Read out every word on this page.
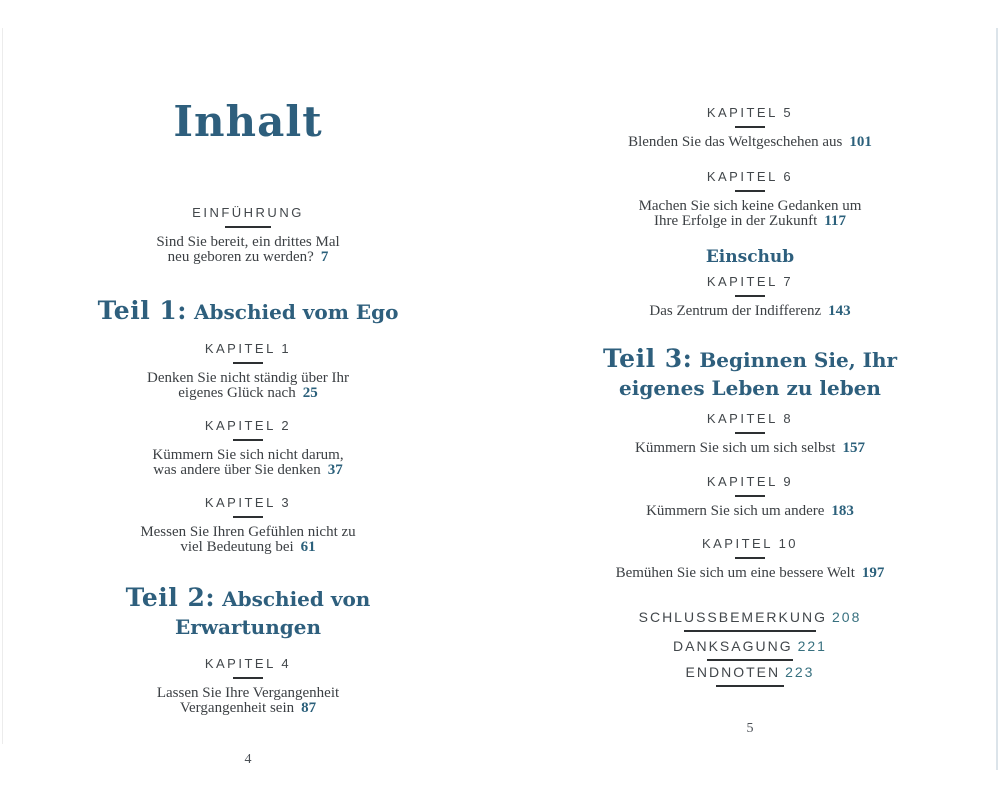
Inhalt
EINFÜHRUNG
Sind Sie bereit, ein drittes Mal
neu geboren zu werden? 7
Teil 1: Abschied vom Ego
KAPITEL 1
Denken Sie nicht ständig über Ihr
eigenes Glück nach 25
KAPITEL 2
Kümmern Sie sich nicht darum,
was andere über Sie denken 37
KAPITEL 3
Messen Sie Ihren Gefühlen nicht zu
viel Bedeutung bei 61
Teil 2: Abschied von Erwartungen
KAPITEL 4
Lassen Sie Ihre Vergangenheit
Vergangenheit sein 87
4
KAPITEL 5
Blenden Sie das Weltgeschehen aus 101
KAPITEL 6
Machen Sie sich keine Gedanken um
Ihre Erfolge in der Zukunft 117
Einschub
KAPITEL 7
Das Zentrum der Indifferenz 143
Teil 3: Beginnen Sie, Ihr
eigenes Leben zu leben
KAPITEL 8
Kümmern Sie sich um sich selbst 157
KAPITEL 9
Kümmern Sie sich um andere 183
KAPITEL 10
Bemühen Sie sich um eine bessere Welt 197
SCHLUSSBEMERKUNG 208
DANKSAGUNG 221
ENDNOTEN 223
5
